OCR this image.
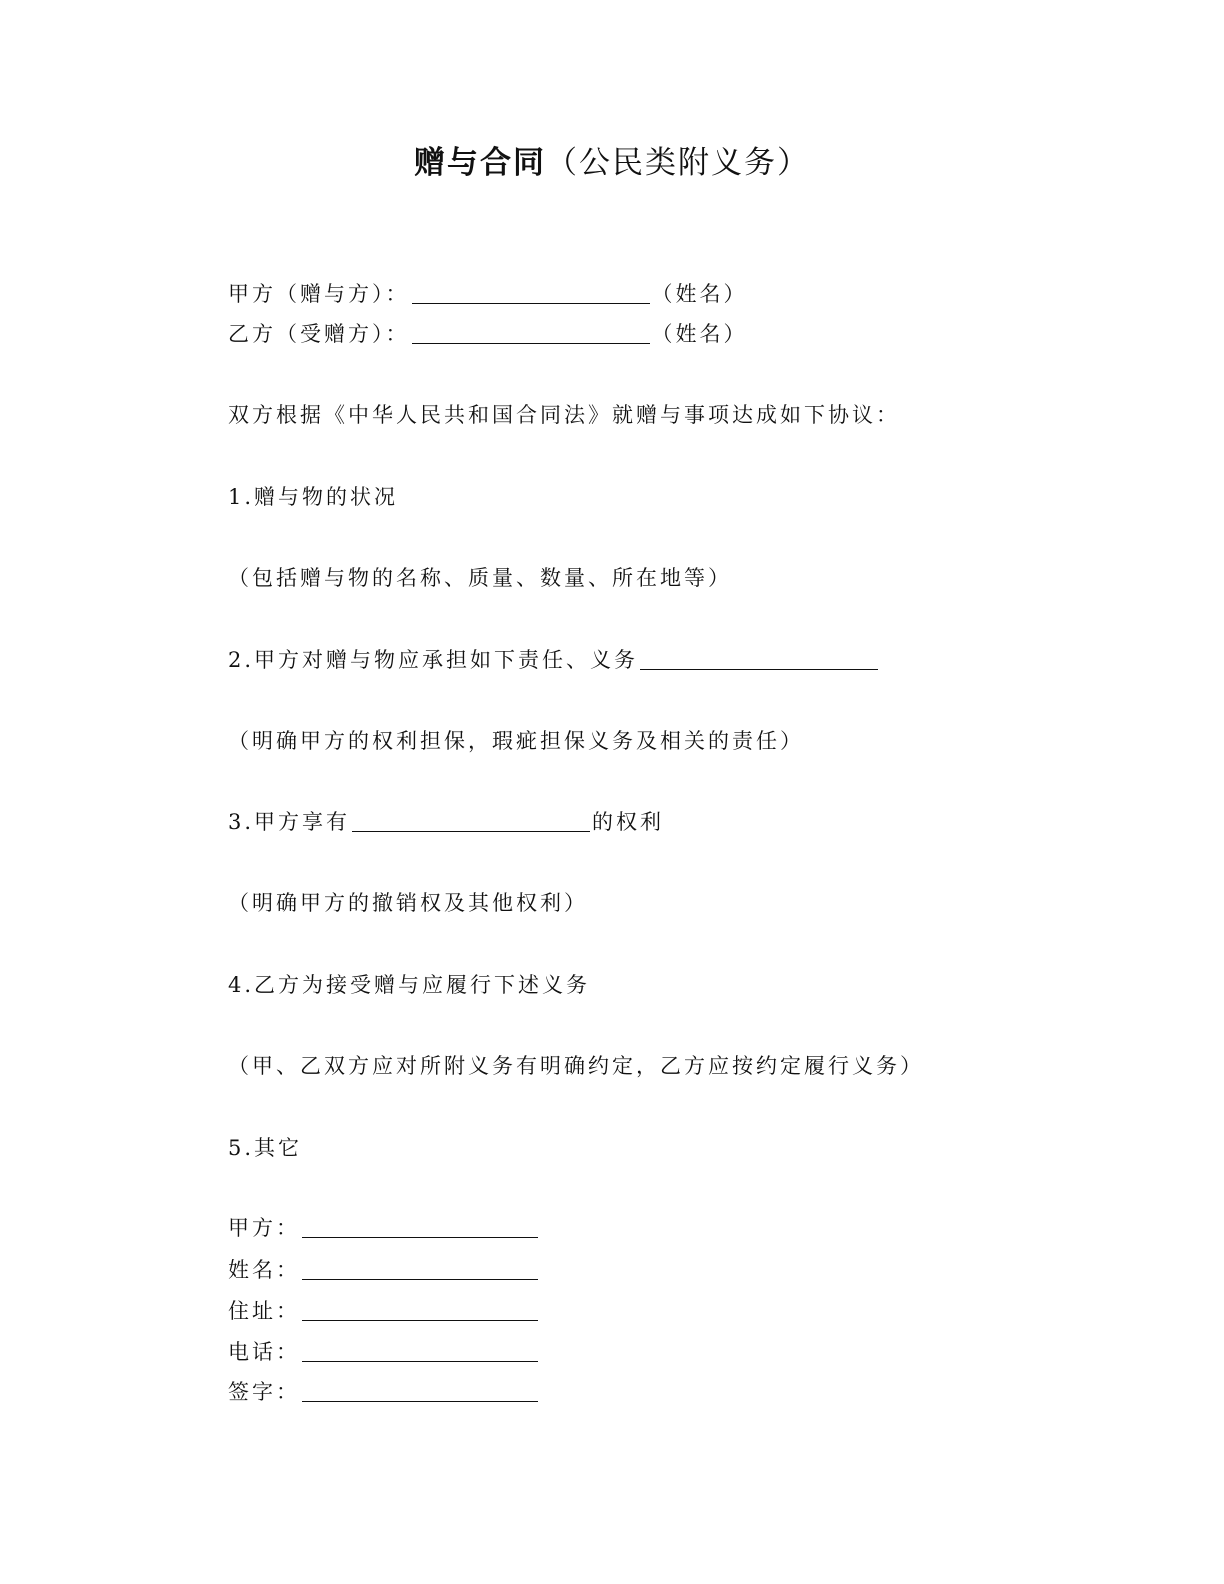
赠与合同（公民类附义务）
甲方（赠与方）：	（姓名）
乙方（受赠方）：	（姓名）
双方根据《中华人民共和国合同法》就赠与事项达成如下协议：
1.赠与物的状况
（包括赠与物的名称、质量、数量、所在地等）
2.甲方对赠与物应承担如下责任、义务
（明确甲方的权利担保，瑕疵担保义务及相关的责任）
3.甲方享有	的权利
（明确甲方的撤销权及其他权利）
4.乙方为接受赠与应履行下述义务
（甲、乙双方应对所附义务有明确约定，乙方应按约定履行义务）
5.其它
甲方：
姓名：
住址：
电话：
签字：
